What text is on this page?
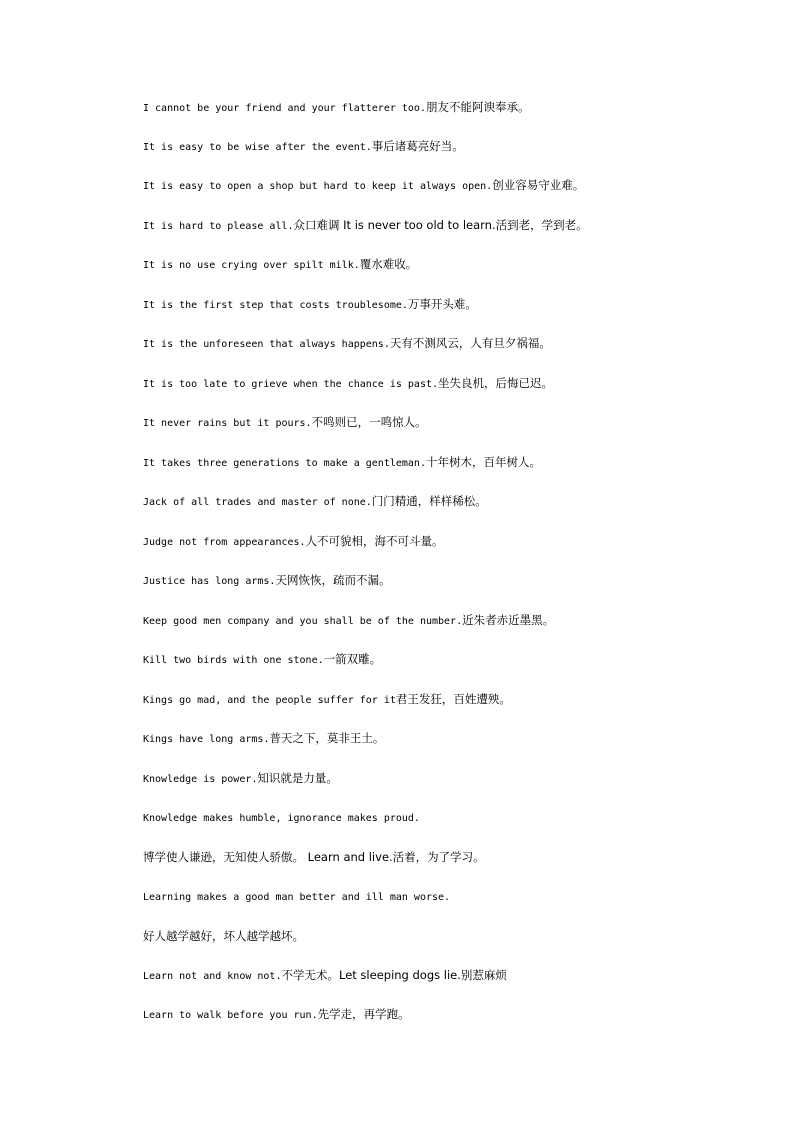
I cannot be your friend and your flatterer too.朋友不能阿谀奉承。
It is easy to be wise after the event.事后诸葛亮好当。
It is easy to open a shop but hard to keep it always open.创业容易守业难。
It is hard to please all.众口难调 It is never too old to learn.活到老，学到老。
It is no use crying over spilt milk.覆水难收。
It is the first step that costs troublesome.万事开头难。
It is the unforeseen that always happens.天有不测风云，人有旦夕祸福。
It is too late to grieve when the chance is past.坐失良机，后悔已迟。
It never rains but it pours.不鸣则已，一鸣惊人。
It takes three generations to make a gentleman.十年树木，百年树人。
Jack of all trades and master of none.门门精通，样样稀松。
Judge not from appearances.人不可貌相，海不可斗量。
Justice has long arms.天网恢恢，疏而不漏。
Keep good men company and you shall be of the number.近朱者赤近墨黑。
Kill two birds with one stone.一箭双雕。
Kings go mad, and the people suffer for it君王发狂，百姓遭殃。
Kings have long arms.普天之下，莫非王土。
Knowledge is power.知识就是力量。
Knowledge makes humble, ignorance makes proud.
博学使人谦逊，无知使人骄傲。 Learn and live.活着，为了学习。
Learning makes a good man better and ill man worse.
好人越学越好，坏人越学越坏。
Learn not and know not.不学无术。Let sleeping dogs lie.别惹麻烦
Learn to walk before you run.先学走，再学跑。
